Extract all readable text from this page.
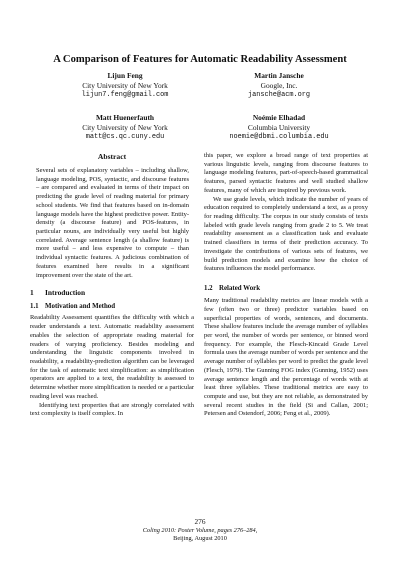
A Comparison of Features for Automatic Readability Assessment
Lijun Feng
City University of New York
lijun7.feng@gmail.com
Martin Jansche
Google, Inc.
jansche@acm.org
Matt Huenerfauth
City University of New York
matt@cs.qc.cuny.edu
Noémie Elhadad
Columbia University
noemie@dbmi.columbia.edu
Abstract

Several sets of explanatory variables – including shallow, language modeling, POS, syntactic, and discourse features – are compared and evaluated in terms of their impact on predicting the grade level of reading material for primary school students. We find that features based on in-domain language models have the highest predictive power. Entity-density (a discourse feature) and POS-features, in particular nouns, are individually very useful but highly correlated. Average sentence length (a shallow feature) is more useful – and less expensive to compute – than individual syntactic features. A judicious combination of features examined here results in a significant improvement over the state of the art.

1 Introduction
1.1 Motivation and Method

Readability Assessment quantifies the difficulty with which a reader understands a text. Automatic readability assessment enables the selection of appropriate reading material for readers of varying proficiency. Besides modeling and understanding the linguistic components involved in readability, a readability-prediction algorithm can be leveraged for the task of automatic text simplification: as simplification operators are applied to a text, the readability is assessed to determine whether more simplification is needed or a particular reading level was reached.

Identifying text properties that are strongly correlated with text complexity is itself complex. In

this paper, we explore a broad range of text properties at various linguistic levels, ranging from discourse features to language modeling features, part-of-speech-based grammatical features, parsed syntactic features and well studied shallow features, many of which are inspired by previous work.

We use grade levels, which indicate the number of years of education required to completely understand a text, as a proxy for reading difficulty. The corpus in our study consists of texts labeled with grade levels ranging from grade 2 to 5. We treat readability assessment as a classification task and evaluate trained classifiers in terms of their prediction accuracy. To investigate the contributions of various sets of features, we build prediction models and examine how the choice of features influences the model performance.

1.2 Related Work

Many traditional readability metrics are linear models with a few (often two or three) predictor variables based on superficial properties of words, sentences, and documents. These shallow features include the average number of syllables per word, the number of words per sentence, or binned word frequency. For example, the Flesch-Kincaid Grade Level formula uses the average number of words per sentence and the average number of syllables per word to predict the grade level (Flesch, 1979). The Gunning FOG index (Gunning, 1952) uses average sentence length and the percentage of words with at least three syllables. These traditional metrics are easy to compute and use, but they are not reliable, as demonstrated by several recent studies in the field (Si and Callan, 2001; Petersen and Ostendorf, 2006; Feng et al., 2009).

276
Coling 2010: Poster Volume, pages 276–284,
Beijing, August 2010
